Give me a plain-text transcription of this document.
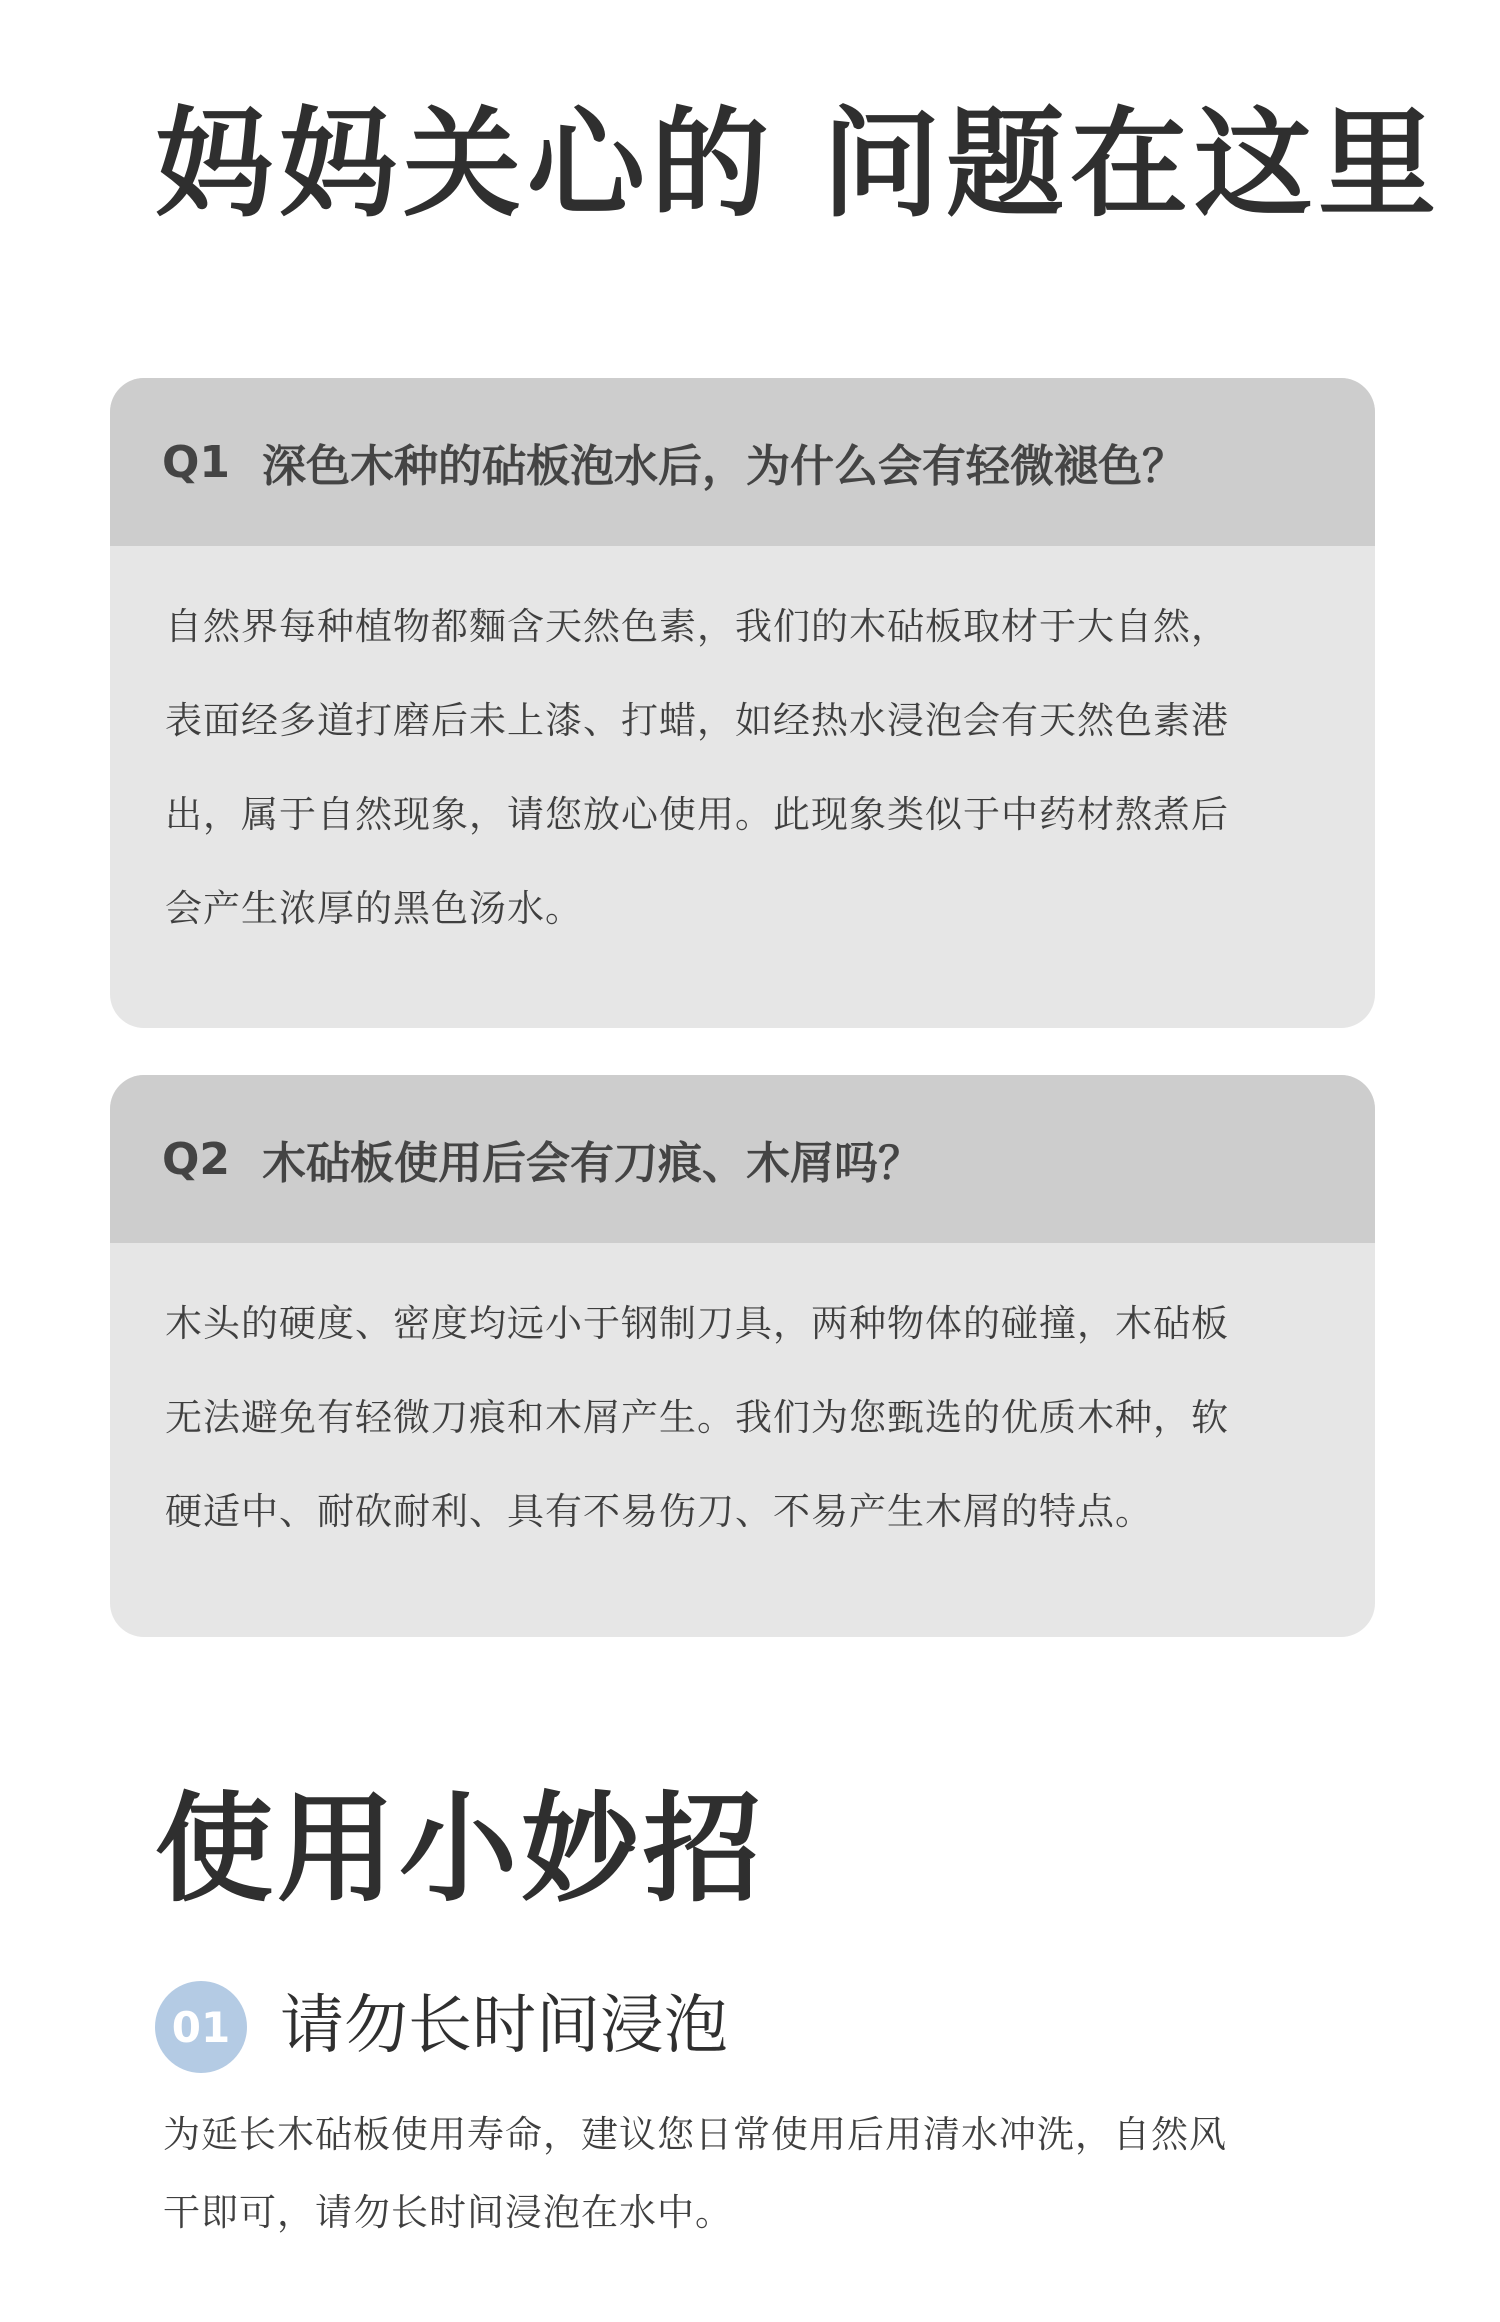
妈妈关心的 问题在这里
Q1 深色木种的砧板泡水后，为什么会有轻微褪色？
自然界每种植物都麵含天然色素，我们的木砧板取材于大自然，
表面经多道打磨后未上漆、打蜡，如经热水浸泡会有天然色素港
出，属于自然现象，请您放心使用。此现象类似于中药材熬煮后
会产生浓厚的黑色汤水。
Q2 木砧板使用后会有刀痕、木屑吗？
木头的硬度、密度均远小于钢制刀具，两种物体的碰撞，木砧板
无法避免有轻微刀痕和木屑产生。我们为您甄选的优质木种，软
硬适中、耐砍耐利、具有不易伤刀、不易产生木屑的特点。
使用小妙招
01 请勿长时间浸泡
为延长木砧板使用寿命，建议您日常使用后用清水冲洗，自然风
干即可，请勿长时间浸泡在水中。
